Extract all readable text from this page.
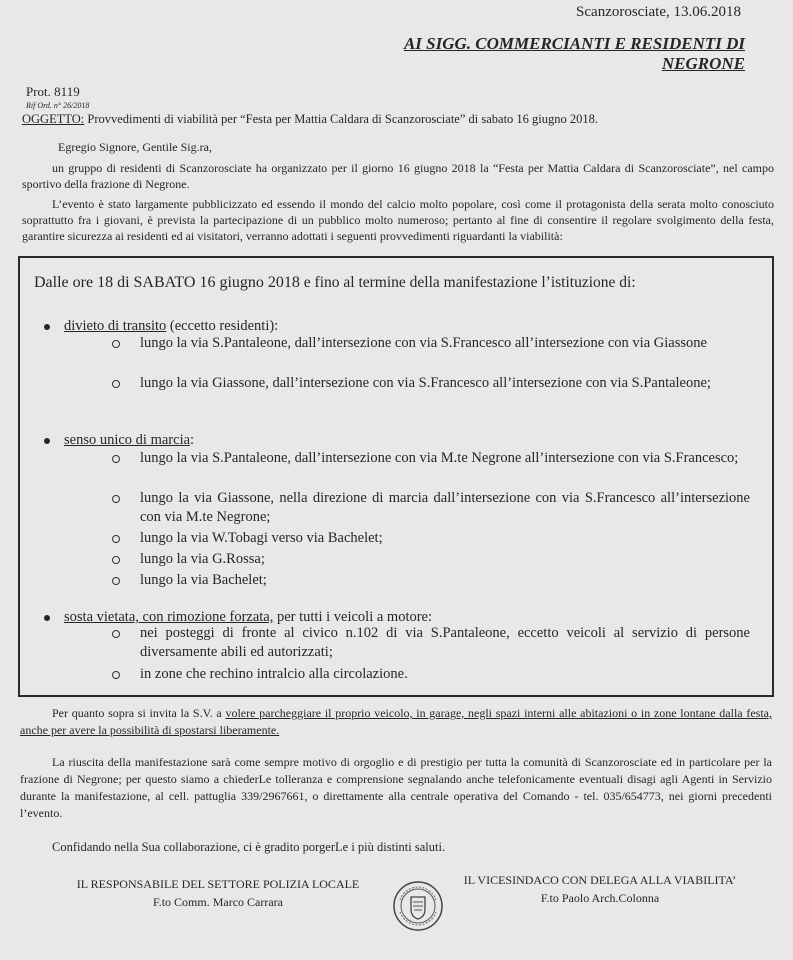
Scanzorosciate, 13.06.2018
AI SIGG. COMMERCIANTI E RESIDENTI DI
NEGRONE
Prot. 8119
Rif Ord. n° 26/2018
OGGETTO: Provvedimenti di viabilità per “Festa per Mattia Caldara di Scanzorosciate” di sabato 16 giugno 2018.
Egregio Signore, Gentile Sig.ra,
un gruppo di residenti di Scanzorosciate ha organizzato per il giorno 16 giugno 2018 la “Festa per Mattia Caldara di Scanzorosciate”, nel campo sportivo della frazione di Negrone.
L’evento è stato largamente pubblicizzato ed essendo il mondo del calcio molto popolare, così come il protagonista della serata molto conosciuto soprattutto fra i giovani, è prevista la partecipazione di un pubblico molto numeroso; pertanto al fine di consentire il regolare svolgimento della festa, garantire sicurezza ai residenti ed ai visitatori, verranno adottati i seguenti provvedimenti riguardanti la viabilità:
Dalle ore 18 di SABATO 16 giugno 2018 e fino al termine della manifestazione l’istituzione di:
divieto di transito (eccetto residenti):
lungo la via S.Pantaleone, dall’intersezione con via S.Francesco all’intersezione con via Giassone
lungo la via Giassone, dall’intersezione con via S.Francesco all’intersezione con via S.Pantaleone;
senso unico di marcia:
lungo la via S.Pantaleone, dall’intersezione con via M.te Negrone all’intersezione con via S.Francesco;
lungo la via Giassone, nella direzione di marcia dall’intersezione con via S.Francesco all’intersezione con via M.te Negrone;
lungo la via W.Tobagi verso via Bachelet;
lungo la via G.Rossa;
lungo la via Bachelet;
sosta vietata, con rimozione forzata, per tutti i veicoli a motore:
nei posteggi di fronte al civico n.102 di via S.Pantaleone, eccetto veicoli al servizio di persone diversamente abili ed autorizzati;
in zone che rechino intralcio alla circolazione.
Per quanto sopra si invita la S.V. a volere parcheggiare il proprio veicolo, in garage, negli spazi interni alle abitazioni o in zone lontane dalla festa, anche per avere la possibilità di spostarsi liberamente.
La riuscita della manifestazione sarà come sempre motivo di orgoglio e di prestigio per tutta la comunità di Scanzorosciate ed in particolare per la frazione di Negrone; per questo siamo a chiederLe tolleranza e comprensione segnalando anche telefonicamente eventuali disagi agli Agenti in Servizio durante la manifestazione, al cell. pattuglia 339/2967661, o direttamente alla centrale operativa del Comando - tel. 035/654773, nei giorni precedenti l’evento.
Confidando nella Sua collaborazione, ci è gradito porgerLe i più distinti saluti.
IL RESPONSABILE DEL SETTORE POLIZIA LOCALE
F.to Comm. Marco Carrara
IL VICESINDACO CON DELEGA ALLA VIABILITA’
F.to Paolo Arch.Colonna
